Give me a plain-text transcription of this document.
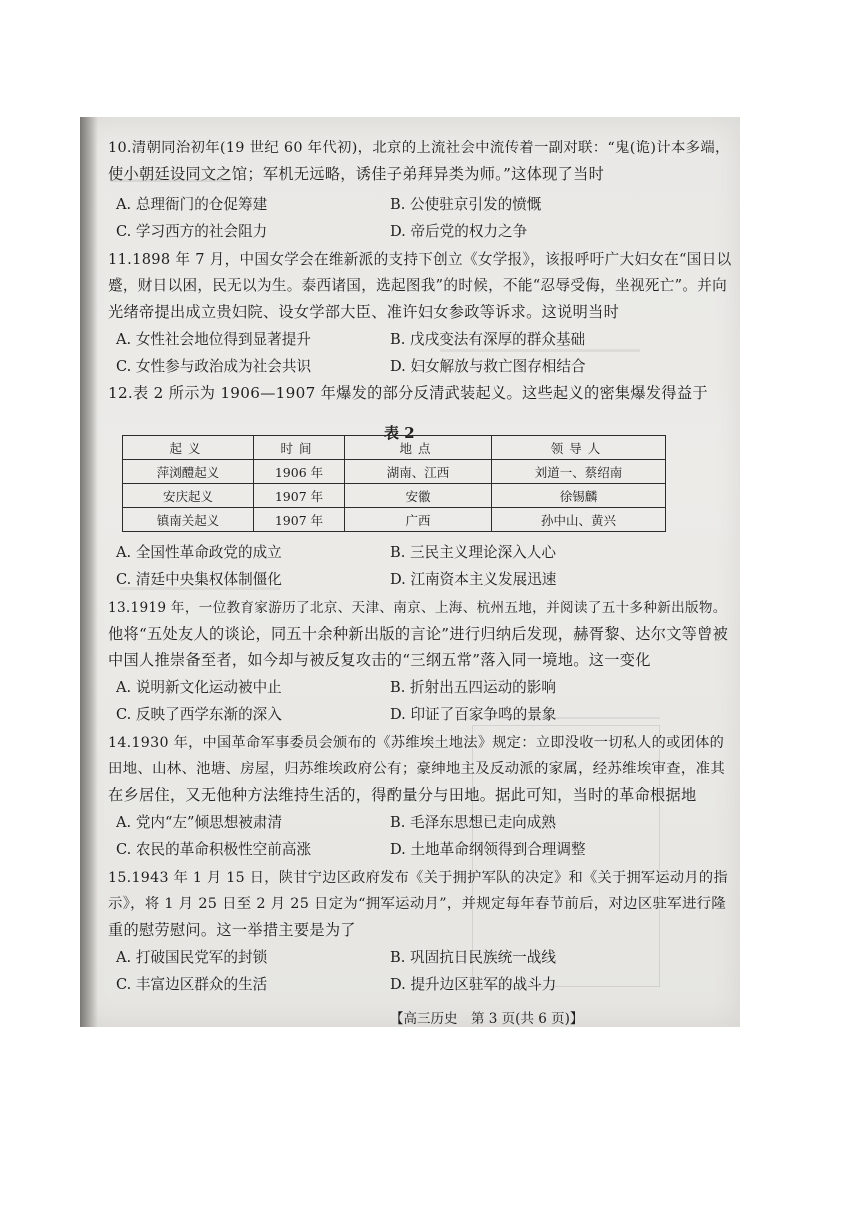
10.清朝同治初年(19 世纪 60 年代初)，北京的上流社会中流传着一副对联：“鬼(诡)计本多端，
使小朝廷设同文之馆；军机无远略，诱佳子弟拜异类为师。”这体现了当时
A. 总理衙门的仓促筹建	B. 公使驻京引发的愤慨
C. 学习西方的社会阻力	D. 帝后党的权力之争
11.1898 年 7 月，中国女学会在维新派的支持下创立《女学报》，该报呼吁广大妇女在“国日以
蹙，财日以困，民无以为生。泰西诸国，选起图我”的时候，不能“忍辱受侮，坐视死亡”。并向
光绪帝提出成立贵妇院、设女学部大臣、准许妇女参政等诉求。这说明当时
A. 女性社会地位得到显著提升	B. 戊戌变法有深厚的群众基础
C. 女性参与政治成为社会共识	D. 妇女解放与救亡图存相结合
12.表 2 所示为 1906—1907 年爆发的部分反清武装起义。这些起义的密集爆发得益于
表 2
起义	时间	地点	领导人
萍浏醴起义	1906 年	湖南、江西	刘道一、蔡绍南
安庆起义	1907 年	安徽	徐锡麟
镇南关起义	1907 年	广西	孙中山、黄兴
A. 全国性革命政党的成立	B. 三民主义理论深入人心
C. 清廷中央集权体制僵化	D. 江南资本主义发展迅速
13.1919 年，一位教育家游历了北京、天津、南京、上海、杭州五地，并阅读了五十多种新出版物。
他将“五处友人的谈论，同五十余种新出版的言论”进行归纳后发现，赫胥黎、达尔文等曾被
中国人推崇备至者，如今却与被反复攻击的“三纲五常”落入同一境地。这一变化
A. 说明新文化运动被中止	B. 折射出五四运动的影响
C. 反映了西学东渐的深入	D. 印证了百家争鸣的景象
14.1930 年，中国革命军事委员会颁布的《苏维埃土地法》规定：立即没收一切私人的或团体的
田地、山林、池塘、房屋，归苏维埃政府公有；豪绅地主及反动派的家属，经苏维埃审查，准其
在乡居住，又无他种方法维持生活的，得酌量分与田地。据此可知，当时的革命根据地
A. 党内“左”倾思想被肃清	B. 毛泽东思想已走向成熟
C. 农民的革命积极性空前高涨	D. 土地革命纲领得到合理调整
15.1943 年 1 月 15 日，陕甘宁边区政府发布《关于拥护军队的决定》和《关于拥军运动月的指
示》，将 1 月 25 日至 2 月 25 日定为“拥军运动月”，并规定每年春节前后，对边区驻军进行隆
重的慰劳慰问。这一举措主要是为了
A. 打破国民党军的封锁	B. 巩固抗日民族统一战线
C. 丰富边区群众的生活	D. 提升边区驻军的战斗力
【高三历史　第 3 页(共 6 页)】
